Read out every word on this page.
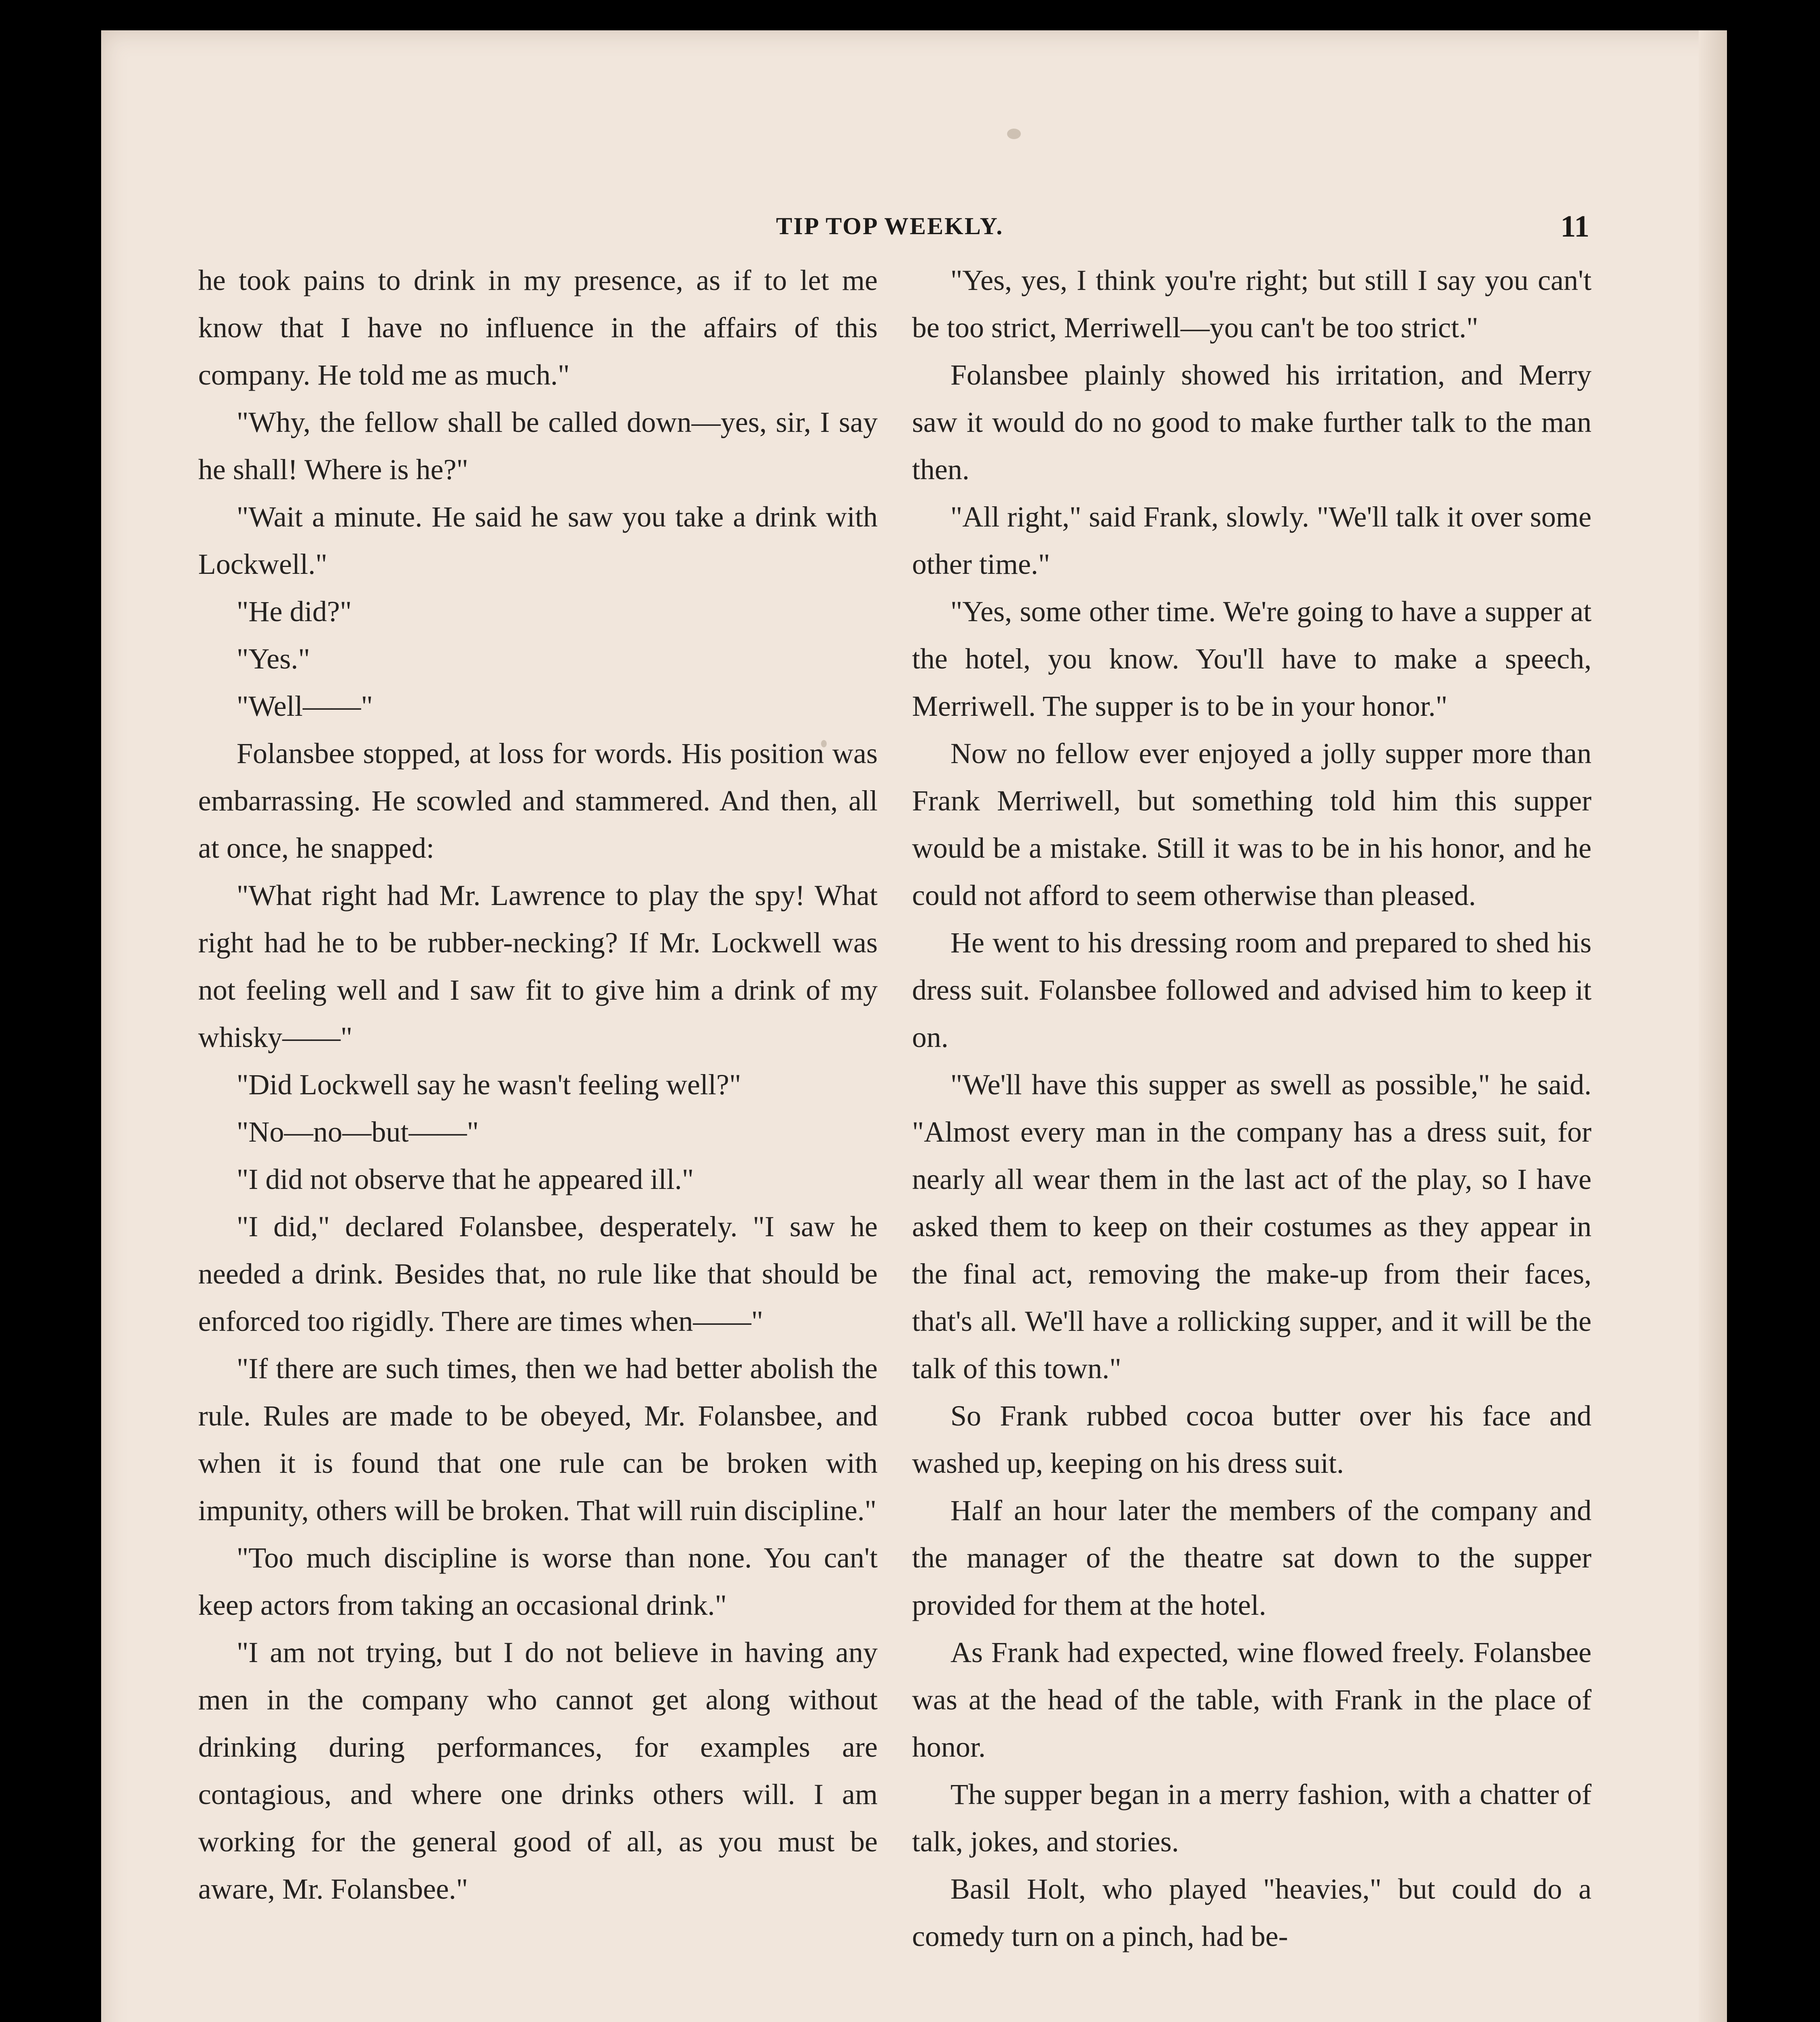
TIP TOP WEEKLY.	11

he took pains to drink in my presence, as if to let me know that I have no influence in the affairs of this company. He told me as much."

"Why, the fellow shall be called down—yes, sir, I say he shall! Where is he?"

"Wait a minute. He said he saw you take a drink with Lockwell."

"He did?"

"Yes."

"Well——"

Folansbee stopped, at loss for words. His position was embarrassing. He scowled and stammered. And then, all at once, he snapped:

"What right had Mr. Lawrence to play the spy! What right had he to be rubber-necking? If Mr. Lockwell was not feeling well and I saw fit to give him a drink of my whisky——"

"Did Lockwell say he wasn't feeling well?"

"No—no—but——"

"I did not observe that he appeared ill."

"I did," declared Folansbee, desperately. "I saw he needed a drink. Besides that, no rule like that should be enforced too rigidly. There are times when——"

"If there are such times, then we had better abolish the rule. Rules are made to be obeyed, Mr. Folansbee, and when it is found that one rule can be broken with impunity, others will be broken. That will ruin discipline."

"Too much discipline is worse than none. You can't keep actors from taking an occasional drink."

"I am not trying, but I do not believe in having any men in the company who cannot get along without drinking during performances, for examples are contagious, and where one drinks others will. I am working for the general good of all, as you must be aware, Mr. Folansbee."

"Yes, yes, I think you're right; but still I say you can't be too strict, Merriwell—you can't be too strict."

Folansbee plainly showed his irritation, and Merry saw it would do no good to make further talk to the man then.

"All right," said Frank, slowly. "We'll talk it over some other time."

"Yes, some other time. We're going to have a supper at the hotel, you know. You'll have to make a speech, Merriwell. The supper is to be in your honor."

Now no fellow ever enjoyed a jolly supper more than Frank Merriwell, but something told him this supper would be a mistake. Still it was to be in his honor, and he could not afford to seem otherwise than pleased.

He went to his dressing room and prepared to shed his dress suit. Folansbee followed and advised him to keep it on.

"We'll have this supper as swell as possible," he said. "Almost every man in the company has a dress suit, for nearly all wear them in the last act of the play, so I have asked them to keep on their costumes as they appear in the final act, removing the make-up from their faces, that's all. We'll have a rollicking supper, and it will be the talk of this town."

So Frank rubbed cocoa butter over his face and washed up, keeping on his dress suit.

Half an hour later the members of the company and the manager of the theatre sat down to the supper provided for them at the hotel.

As Frank had expected, wine flowed freely. Folansbee was at the head of the table, with Frank in the place of honor.

The supper began in a merry fashion, with a chatter of talk, jokes, and stories.

Basil Holt, who played "heavies," but could do a comedy turn on a pinch, had be-
